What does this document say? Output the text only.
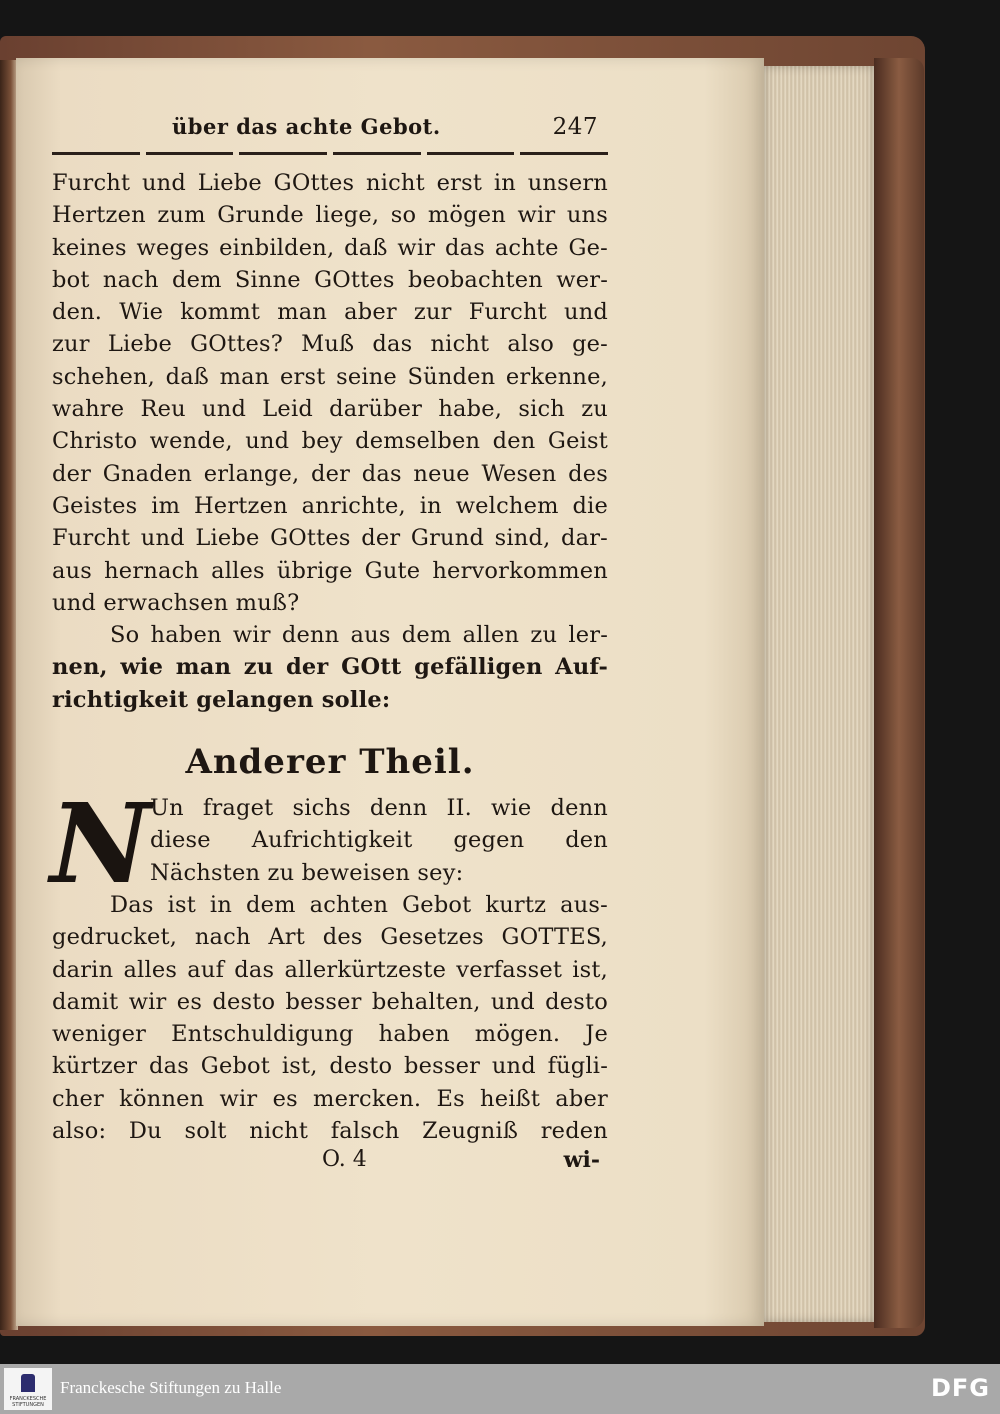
über das achte Gebot.	247
Furcht und Liebe GOttes nicht erst in unsern
Hertzen zum Grunde liege, so mögen wir uns
keines weges einbilden, daß wir das achte Ge-
bot nach dem Sinne GOttes beobachten wer-
den. Wie kommt man aber zur Furcht und
zur Liebe GOttes? Muß das nicht also ge-
schehen, daß man erst seine Sünden erkenne,
wahre Reu und Leid darüber habe, sich zu
Christo wende, und bey demselben den Geist
der Gnaden erlange, der das neue Wesen des
Geistes im Hertzen anrichte, in welchem die
Furcht und Liebe GOttes der Grund sind, dar-
aus hernach alles übrige Gute hervorkommen
und erwachsen muß?
So haben wir denn aus dem allen zu ler-
nen, wie man zu der GOtt gefälligen Auf-
richtigkeit gelangen solle:
Anderer Theil.
N Un fraget sichs denn II. wie denn
diese Aufrichtigkeit gegen den
Nächsten zu beweisen sey:
Das ist in dem achten Gebot kurtz aus-
gedrucket, nach Art des Gesetzes GOTTES,
darin alles auf das allerkürtzeste verfasset ist,
damit wir es desto besser behalten, und desto
weniger Entschuldigung haben mögen. Je
kürtzer das Gebot ist, desto besser und fügli-
cher können wir es mercken. Es heißt aber
also: Du solt nicht falsch Zeugniß reden
O. 4	wi-
FRANCKESCHE STIFTUNGEN
Franckesche Stiftungen zu Halle	DFG
